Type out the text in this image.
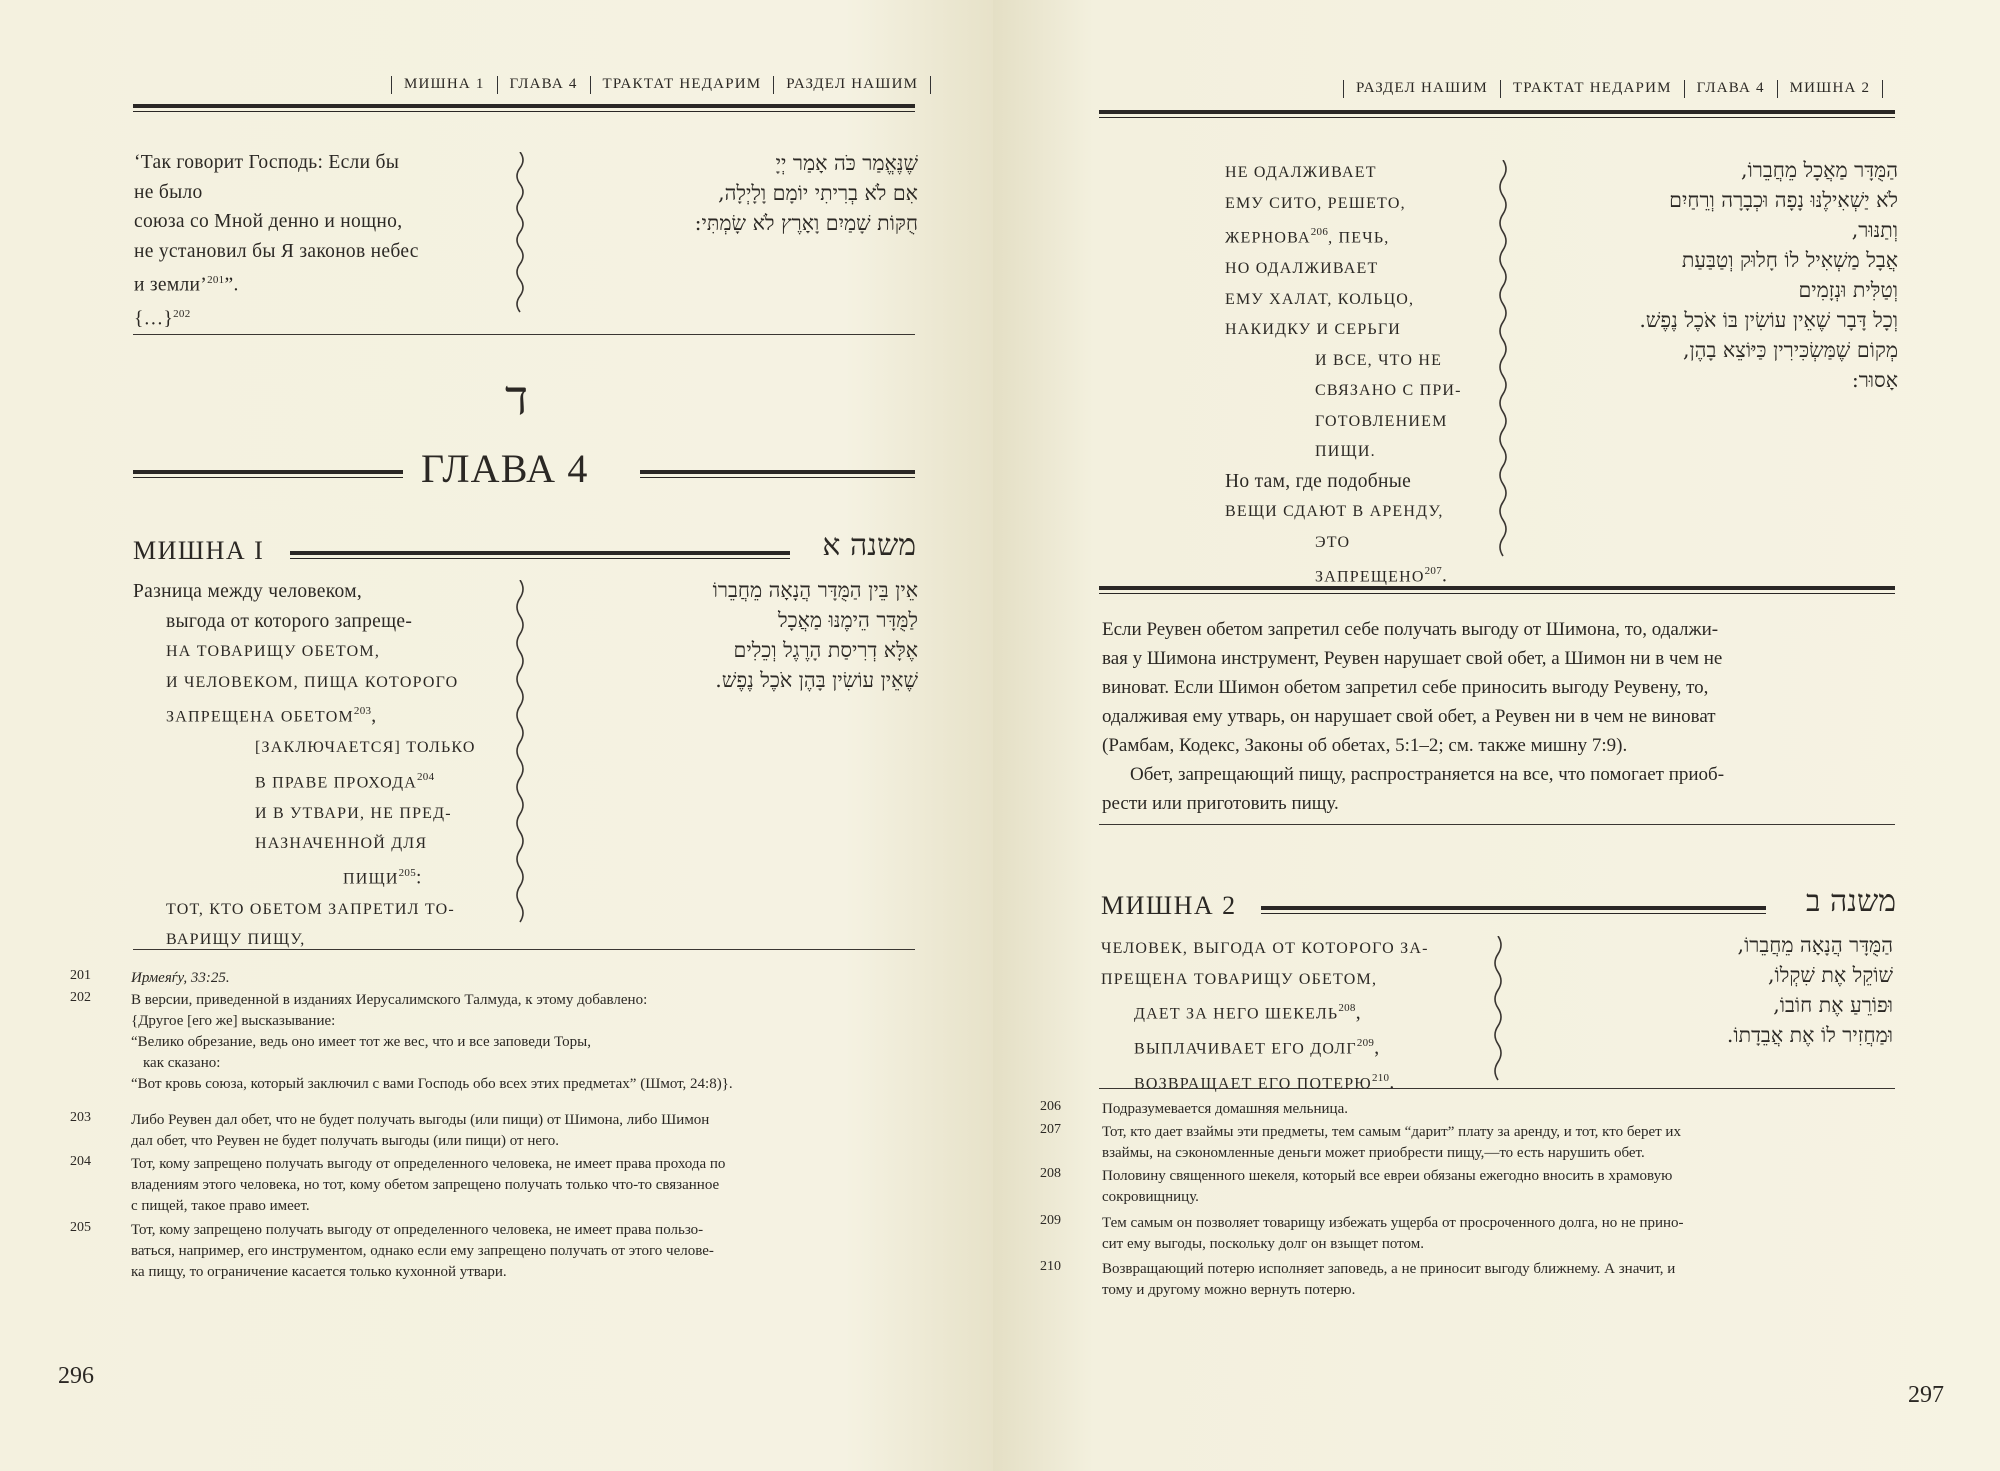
МИШНА 1 ГЛАВА 4 ТРАКТАТ НЕДАРИМ РАЗДЕЛ НАШИМ
‘Так говорит Господь: Если бы
не было
союза со Мной денно и нощно,
не установил бы Я законов небес
и земли’$^{201}$”.
{…}$^{202}$
שֶׁנֶּאֱמַר כֹּה אָמַר יְיָ
אִם לֹא בְרִיתִי יוֹמָם וָלָיְלָה,
חֻקּוֹת שָׁמַיִם וָאָרֶץ לֹא שָׂמְתִּי:
ד
ГЛАВА 4
МИШНА I	משנה א
Разница между человеком,
выгода от которого запреще-
НА ТОВАРИЩУ ОБЕТОМ,
И ЧЕЛОВЕКОМ, ПИЩА КОТОРОГО
ЗАПРЕЩЕНА ОБЕТОМ$^{203}$,
[ЗАКЛЮЧАЕТСЯ] ТОЛЬКО
В ПРАВЕ ПРОХОДА$^{204}$
И В УТВАРИ, НЕ ПРЕД-
НАЗНАЧЕННОЙ ДЛЯ
ПИЩИ$^{205}$:
ТОТ, КТО ОБЕТОМ ЗАПРЕТИЛ ТО-
ВАРИЩУ ПИЩУ,
אֵין בֵּין הַמֻּדָּר הֲנָאָה מֵחֲבֵרוֹ
לַמֻּדָּר הֵימֶנּוּ מַאֲכָל
אֶלָּא דְרִיסַת הָרֶגֶל וְכֵלִים
שֶׁאֵין עוֹשִׂין בָּהֶן אֹכֶל נֶפֶשׁ.
201	Ирмеяѓу, 33:25.
202	В версии, приведенной в изданиях Иерусалимского Талмуда, к этому добавлено:
{Другое [его же] высказывание:
“Велико обрезание, ведь оно имеет тот же вес, что и все заповеди Торы,
как сказано:
“Вот кровь союза, который заключил с вами Господь обо всех этих предметах” (Шмот, 24:8)}.
203	Либо Реувен дал обет, что не будет получать выгоды (или пищи) от Шимона, либо Шимон
дал обет, что Реувен не будет получать выгоды (или пищи) от него.
204	Тот, кому запрещено получать выгоду от определенного человека, не имеет права прохода по
владениям этого человека, но тот, кому обетом запрещено получать только что-то связанное
с пищей, такое право имеет.
205	Тот, кому запрещено получать выгоду от определенного человека, не имеет права пользо-
ваться, например, его инструментом, однако если ему запрещено получать от этого челове-
ка пищу, то ограничение касается только кухонной утвари.
296
РАЗДЕЛ НАШИМ ТРАКТАТ НЕДАРИМ ГЛАВА 4 МИШНА 2
НЕ ОДАЛЖИВАЕТ
ЕМУ СИТО, РЕШЕТО,
ЖЕРНОВА$^{206}$, ПЕЧЬ,
НО ОДАЛЖИВАЕТ
ЕМУ ХАЛАТ, КОЛЬЦО,
НАКИДКУ И СЕРЬГИ
И ВСЕ, ЧТО НЕ
СВЯЗАНО С ПРИ-
ГОТОВЛЕНИЕМ
ПИЩИ.
Но там, где подобные
ВЕЩИ СДАЮТ В АРЕНДУ,
ЭТО
ЗАПРЕЩЕНО$^{207}$.
הַמֻּדָּר מַאֲכָל מֵחֲבֵרוֹ,
לֹא יַשְׁאִילֶנּוּ נָפָה וּכְבָרָה וְרֵחַיִם
וְתַנּוּר,
אֲבָל מַשְׁאִיל לוֹ חָלוּק וְטַבַּעַת
וְטַלִּית וּנְזָמִים
וְכָל דָּבָר שֶׁאֵין עוֹשִׂין בּוֹ אֹכֶל נֶפֶשׁ.
מְקוֹם שֶׁמַּשְׂכִּירִין כַּיּוֹצֵא בָהֶן,
אָסוּר:
Если Реувен обетом запретил себе получать выгоду от Шимона, то, одалжи-
вая у Шимона инструмент, Реувен нарушает свой обет, а Шимон ни в чем не
виноват. Если Шимон обетом запретил себе приносить выгоду Реувену, то,
одалживая ему утварь, он нарушает свой обет, а Реувен ни в чем не виноват
(Рамбам, Кодекс, Законы об обетах, 5:1–2; см. также мишну 7:9).
Обет, запрещающий пищу, распространяется на все, что помогает приоб-
рести или приготовить пищу.
МИШНА 2	משנה ב
ЧЕЛОВЕК, ВЫГОДА ОТ КОТОРОГО ЗА-
ПРЕЩЕНА ТОВАРИЩУ ОБЕТОМ,
ДАЕТ ЗА НЕГО ШЕКЕЛЬ$^{208}$,
ВЫПЛАЧИВАЕТ ЕГО ДОЛГ$^{209}$,
ВОЗВРАЩАЕТ ЕГО ПОТЕРЮ$^{210}$.
הַמֻּדָּר הֲנָאָה מֵחֲבֵרוֹ,
שׁוֹקֵל אֶת שִׁקְלוֹ,
וּפוֹרֵעַ אֶת חוֹבוֹ,
וּמַחֲזִיר לוֹ אֶת אֲבֵדָתוֹ.
206	Подразумевается домашняя мельница.
207	Тот, кто дает взаймы эти предметы, тем самым “дарит” плату за аренду, и тот, кто берет их
взаймы, на сэкономленные деньги может приобрести пищу,—то есть нарушить обет.
208	Половину священного шекеля, который все евреи обязаны ежегодно вносить в храмовую
сокровищницу.
209	Тем самым он позволяет товарищу избежать ущерба от просроченного долга, но не прино-
сит ему выгоды, поскольку долг он взыщет потом.
210	Возвращающий потерю исполняет заповедь, а не приносит выгоду ближнему. А значит, и
тому и другому можно вернуть потерю.
297
